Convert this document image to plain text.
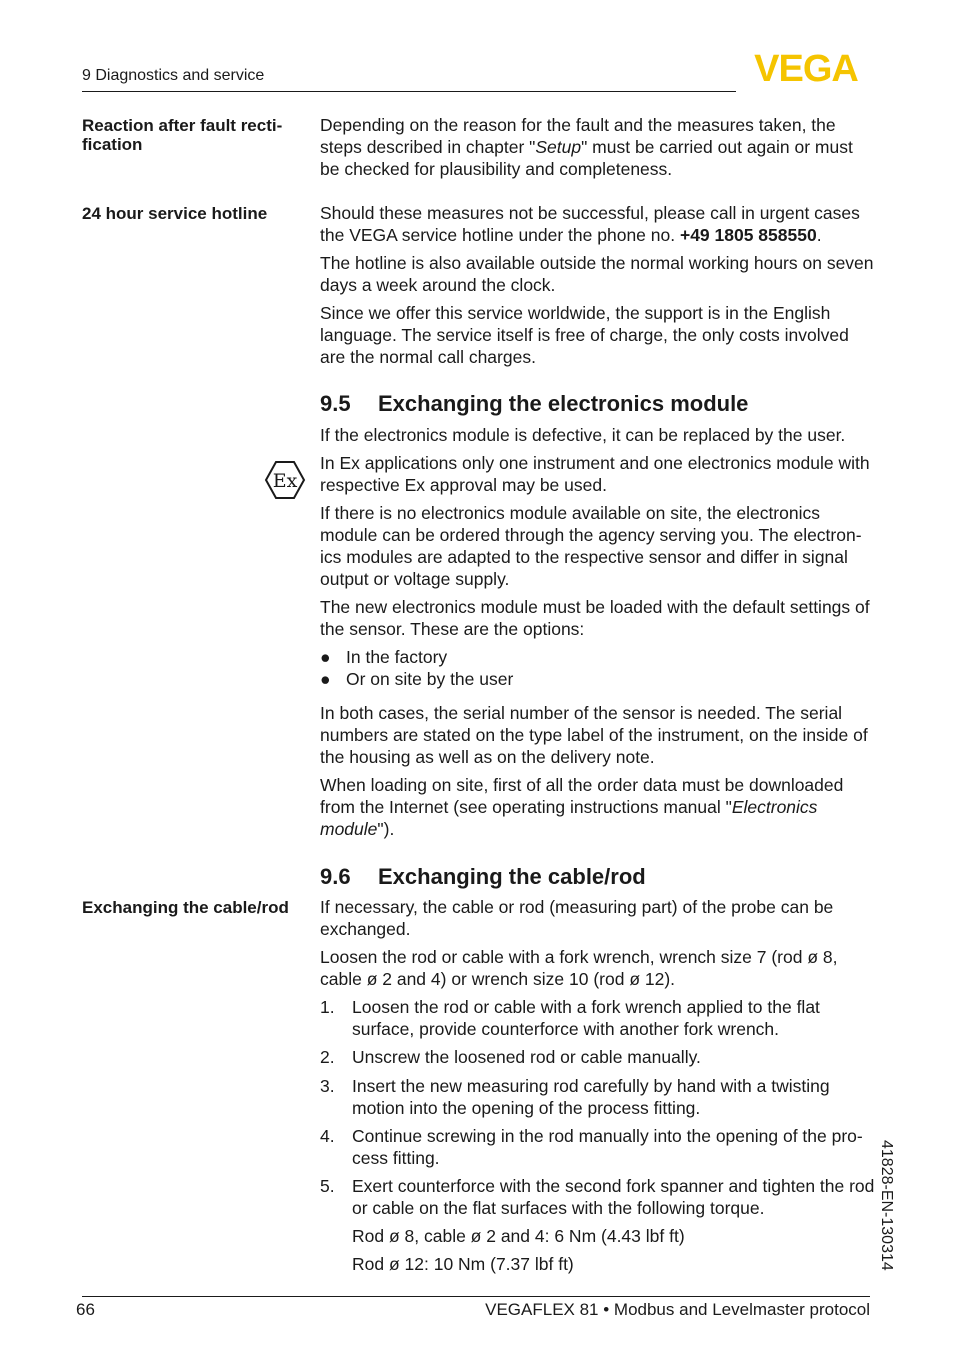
9 Diagnostics and service	VEGA
Reaction after fault recti-
fication

Depending on the reason for the fault and the measures taken, the steps described in chapter "Setup" must be carried out again or must be checked for plausibility and completeness.

24 hour service hotline	Should these measures not be successful, please call in urgent cases the VEGA service hotline under the phone no. +49 1805 858550.

The hotline is also available outside the normal working hours on seven days a week around the clock.
Since we offer this service worldwide, the support is in the English language. The service itself is free of charge, the only costs involved are the normal call charges.
9.5 Exchanging the electronics module
If the electronics module is defective, it can be replaced by the user.
Ex
In Ex applications only one instrument and one electronics module with respective Ex approval may be used.
If there is no electronics module available on site, the electronics module can be ordered through the agency serving you. The electron-ics modules are adapted to the respective sensor and differ in signal output or voltage supply.
The new electronics module must be loaded with the default settings of the sensor. These are the options:
● In the factory
● Or on site by the user
In both cases, the serial number of the sensor is needed. The serial numbers are stated on the type label of the instrument, on the inside of the housing as well as on the delivery note.

When loading on site, first of all the order data must be downloaded from the Internet (see operating instructions manual "Electronics module").

9.6 Exchanging the cable/rod
Exchanging the cable/rod	If necessary, the cable or rod (measuring part) of the probe can be exchanged.
Loosen the rod or cable with a fork wrench, wrench size 7 (rod ø 8, cable ø 2 and 4) or wrench size 10 (rod ø 12).
1. Loosen the rod or cable with a fork wrench applied to the flat surface, provide counterforce with another fork wrench.
2. Unscrew the loosened rod or cable manually.
3. Insert the new measuring rod carefully by hand with a twisting motion into the opening of the process fitting.
4. Continue screwing in the rod manually into the opening of the pro-cess fitting.
5. Exert counterforce with the second fork spanner and tighten the rod or cable on the flat surfaces with the following torque.
Rod ø 8, cable ø 2 and 4: 6 Nm (4.43 lbf ft)
Rod ø 12: 10 Nm (7.37 lbf ft)	41828-EN-130314
66	VEGAFLEX 81 • Modbus and Levelmaster protocol
